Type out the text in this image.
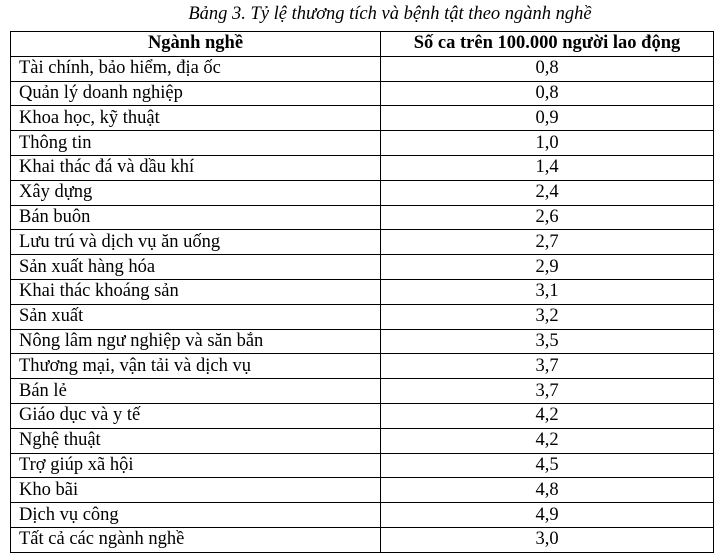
Bảng 3. Tỷ lệ thương tích và bệnh tật theo ngành nghề
Ngành nghề	Số ca trên 100.000 người lao động
Tài chính, bảo hiểm, địa ốc	0,8
Quản lý doanh nghiệp	0,8
Khoa học, kỹ thuật	0,9
Thông tin	1,0
Khai thác đá và dầu khí	1,4
Xây dựng	2,4
Bán buôn	2,6
Lưu trú và dịch vụ ăn uống	2,7
Sản xuất hàng hóa	2,9
Khai thác khoáng sản	3,1
Sản xuất	3,2
Nông lâm ngư nghiệp và săn bắn	3,5
Thương mại, vận tải và dịch vụ	3,7
Bán lẻ	3,7
Giáo dục và y tế	4,2
Nghệ thuật	4,2
Trợ giúp xã hội	4,5
Kho bãi	4,8
Dịch vụ công	4,9
Tất cả các ngành nghề	3,0
